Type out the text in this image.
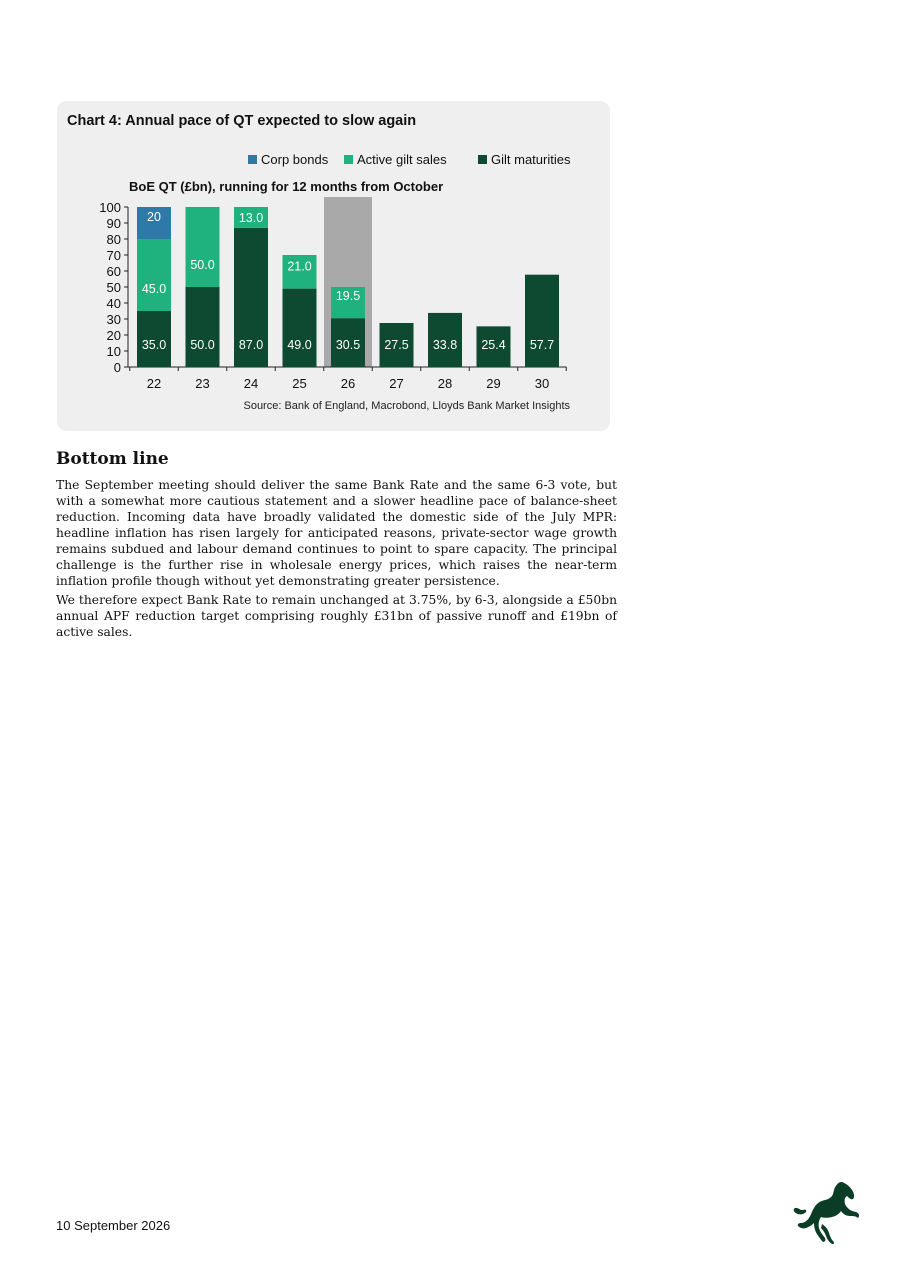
Chart 4: Annual pace of QT expected to slow again
0
10
20
30
40
50
60
70
80
90
100
22	23	24	25	26	27	28	29	30
35.0
45.0
20
50.0
50.0
87.0
13.0
49.0
21.0
30.5
19.5
27.5 33.8 25.4 57.7
BoE QT (£bn), running for 12 months from October
Corp bonds Active gilt sales	Gilt maturities
Source: Bank of England, Macrobond, Lloyds Bank Market Insights
Bottom line

The September meeting should deliver the same Bank Rate and the same 6-3 vote, but with a somewhat more cautious statement and a slower headline pace of balance-sheet reduction. Incoming data have broadly validated the domestic side of the July MPR: headline inflation has risen largely for anticipated reasons, private-sector wage growth remains subdued and labour demand continues to point to spare capacity. The principal challenge is the further rise in wholesale energy prices, which raises the near-term inflation profile though without yet demonstrating greater persistence.

We therefore expect Bank Rate to remain unchanged at 3.75%, by 6-3, alongside a £50bn annual APF reduction target comprising roughly £31bn of passive runoff and £19bn of active sales.

10 September 2026
